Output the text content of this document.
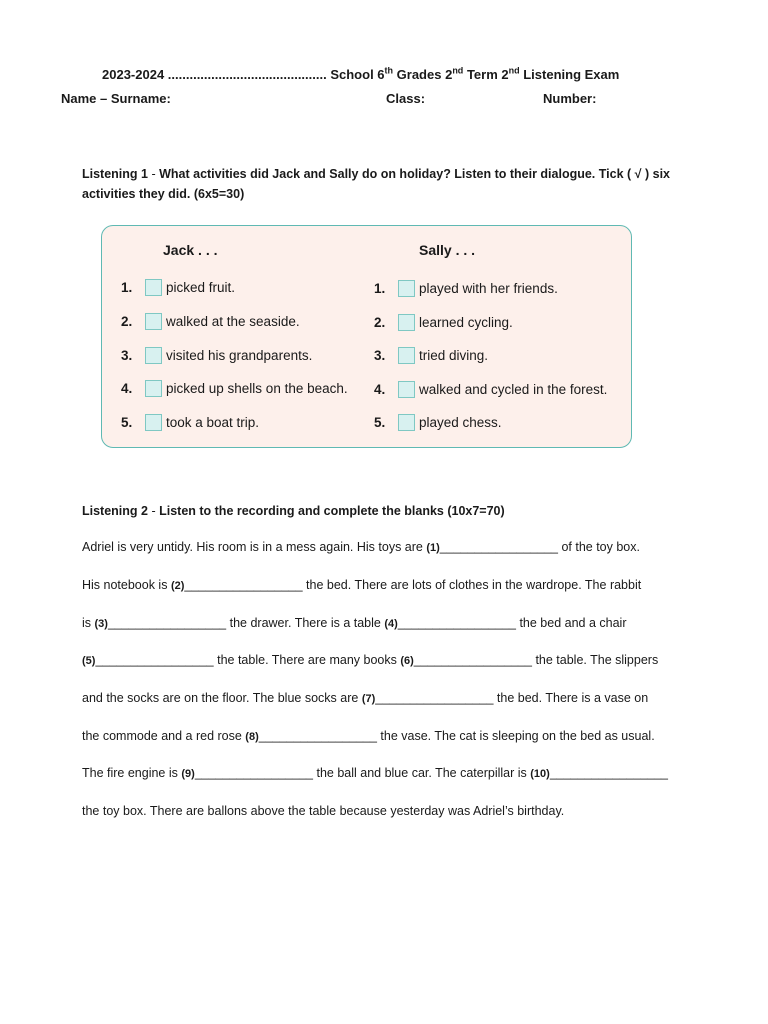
2023-2024 ............................................ School 6th Grades 2nd Term 2nd Listening Exam
Name – Surname:	Class:	Number:
Listening 1 - What activities did Jack and Sally do on holiday? Listen to their dialogue. Tick ( √ ) six activities they did. (6x5=30)
Jack . . .	Sally . . .
1.	picked fruit.
2.	walked at the seaside.
3.	visited his grandparents.
4.	picked up shells on the beach.
5.	took a boat trip.
1.	played with her friends.
2.	learned cycling.
3.	tried diving.
4.	walked and cycled in the forest.
5.	played chess.
Listening 2 - Listen to the recording and complete the blanks (10x7=70)
Adriel is very untidy. His room is in a mess again. His toys are (1)_________________ of the toy box.
His notebook is (2)_________________ the bed. There are lots of clothes in the wardrope. The rabbit
is (3)_________________ the drawer. There is a table (4)_________________ the bed and a chair
(5)_________________ the table. There are many books (6)_________________ the table. The slippers
and the socks are on the floor. The blue socks are (7)_________________ the bed. There is a vase on
the commode and a red rose (8)_________________ the vase. The cat is sleeping on the bed as usual.
The fire engine is (9)_________________ the ball and blue car. The caterpillar is (10)_________________
the toy box. There are ballons above the table because yesterday was Adriel’s birthday.
